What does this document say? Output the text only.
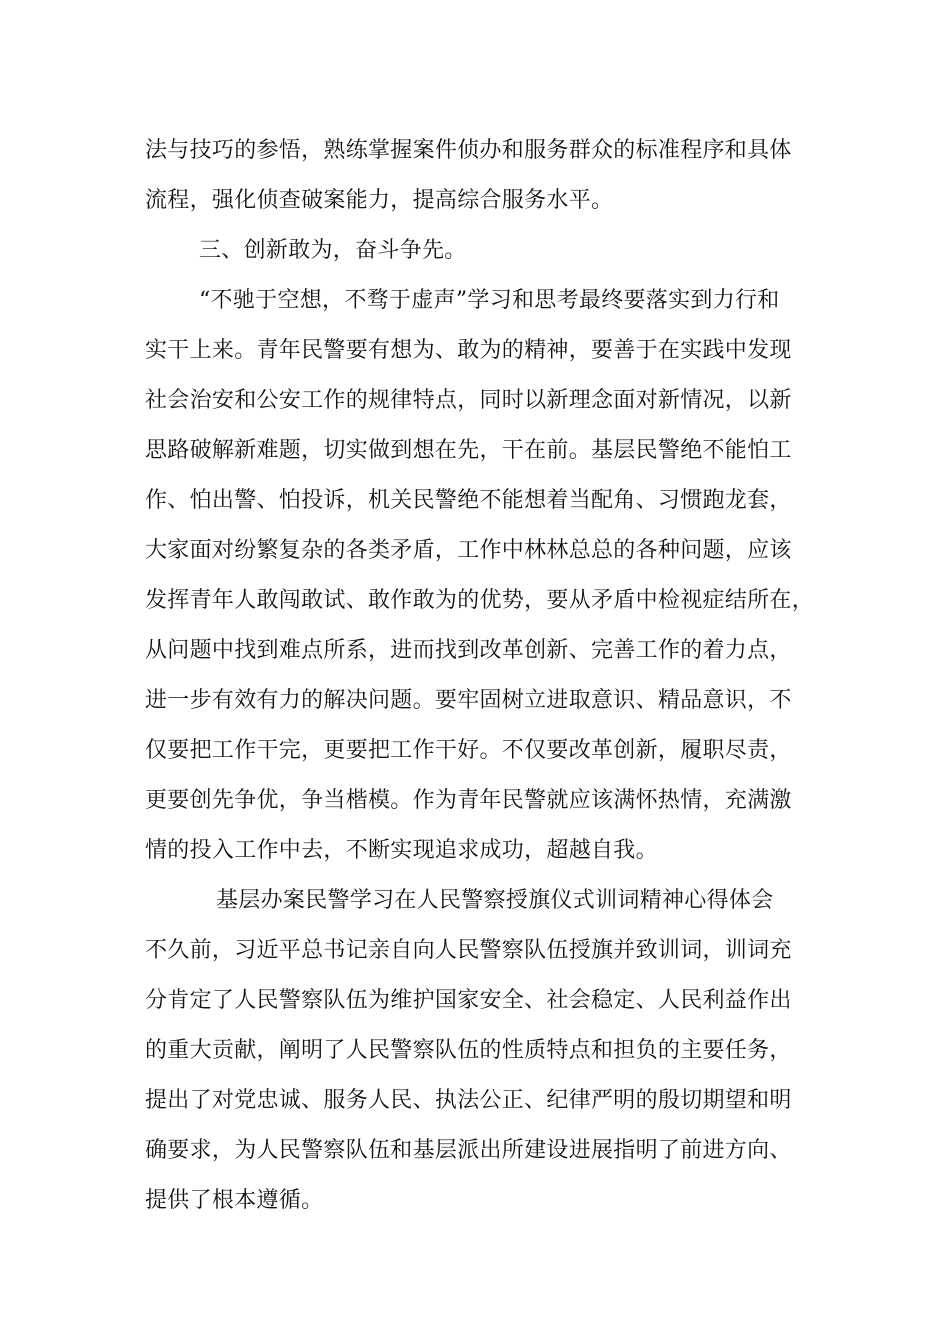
法与技巧的参悟，熟练掌握案件侦办和服务群众的标准程序和具体
流程，强化侦查破案能力，提高综合服务水平。
三、创新敢为，奋斗争先。
“不驰于空想，不骛于虚声”学习和思考最终要落实到力行和
实干上来。青年民警要有想为、敢为的精神，要善于在实践中发现
社会治安和公安工作的规律特点，同时以新理念面对新情况，以新
思路破解新难题，切实做到想在先，干在前。基层民警绝不能怕工
作、怕出警、怕投诉，机关民警绝不能想着当配角、习惯跑龙套，
大家面对纷繁复杂的各类矛盾，工作中林林总总的各种问题，应该
发挥青年人敢闯敢试、敢作敢为的优势，要从矛盾中检视症结所在，
从问题中找到难点所系，进而找到改革创新、完善工作的着力点，
进一步有效有力的解决问题。要牢固树立进取意识、精品意识，不
仅要把工作干完，更要把工作干好。不仅要改革创新，履职尽责，
更要创先争优，争当楷模。作为青年民警就应该满怀热情，充满激
情的投入工作中去，不断实现追求成功，超越自我。
基层办案民警学习在人民警察授旗仪式训词精神心得体会
不久前，习近平总书记亲自向人民警察队伍授旗并致训词，训词充
分肯定了人民警察队伍为维护国家安全、社会稳定、人民利益作出
的重大贡献，阐明了人民警察队伍的性质特点和担负的主要任务，
提出了对党忠诚、服务人民、执法公正、纪律严明的殷切期望和明
确要求，为人民警察队伍和基层派出所建设进展指明了前进方向、
提供了根本遵循。
